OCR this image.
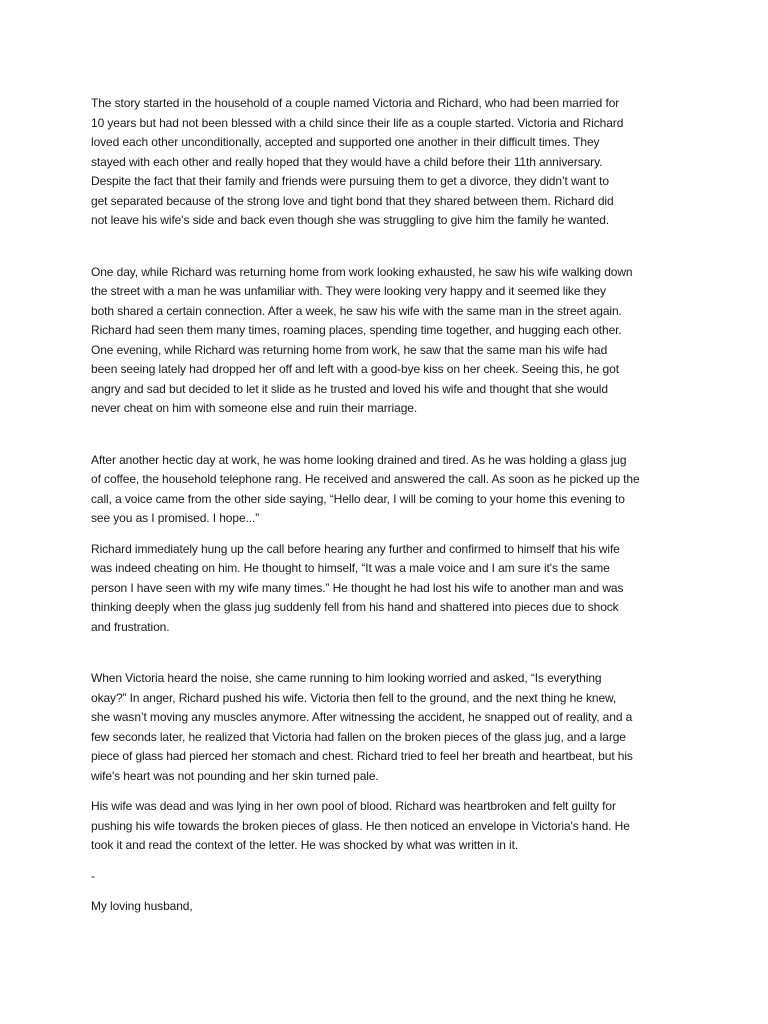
The story started in the household of a couple named Victoria and Richard, who had been married for
10 years but had not been blessed with a child since their life as a couple started. Victoria and Richard
loved each other unconditionally, accepted and supported one another in their difficult times. They
stayed with each other and really hoped that they would have a child before their 11th anniversary.
Despite the fact that their family and friends were pursuing them to get a divorce, they didn’t want to
get separated because of the strong love and tight bond that they shared between them. Richard did
not leave his wife's side and back even though she was struggling to give him the family he wanted.

One day, while Richard was returning home from work looking exhausted, he saw his wife walking down
the street with a man he was unfamiliar with. They were looking very happy and it seemed like they
both shared a certain connection. After a week, he saw his wife with the same man in the street again.
Richard had seen them many times, roaming places, spending time together, and hugging each other.
One evening, while Richard was returning home from work, he saw that the same man his wife had
been seeing lately had dropped her off and left with a good-bye kiss on her cheek. Seeing this, he got
angry and sad but decided to let it slide as he trusted and loved his wife and thought that she would
never cheat on him with someone else and ruin their marriage.

After another hectic day at work, he was home looking drained and tired. As he was holding a glass jug
of coffee, the household telephone rang. He received and answered the call. As soon as he picked up the
call, a voice came from the other side saying, “Hello dear, I will be coming to your home this evening to
see you as I promised. I hope...”

Richard immediately hung up the call before hearing any further and confirmed to himself that his wife
was indeed cheating on him. He thought to himself, “It was a male voice and I am sure it's the same
person I have seen with my wife many times.” He thought he had lost his wife to another man and was
thinking deeply when the glass jug suddenly fell from his hand and shattered into pieces due to shock
and frustration.

When Victoria heard the noise, she came running to him looking worried and asked, “Is everything
okay?” In anger, Richard pushed his wife. Victoria then fell to the ground, and the next thing he knew,
she wasn’t moving any muscles anymore. After witnessing the accident, he snapped out of reality, and a
few seconds later, he realized that Victoria had fallen on the broken pieces of the glass jug, and a large
piece of glass had pierced her stomach and chest. Richard tried to feel her breath and heartbeat, but his
wife's heart was not pounding and her skin turned pale.

His wife was dead and was lying in her own pool of blood. Richard was heartbroken and felt guilty for
pushing his wife towards the broken pieces of glass. He then noticed an envelope in Victoria's hand. He
took it and read the context of the letter. He was shocked by what was written in it.

-

My loving husband,
